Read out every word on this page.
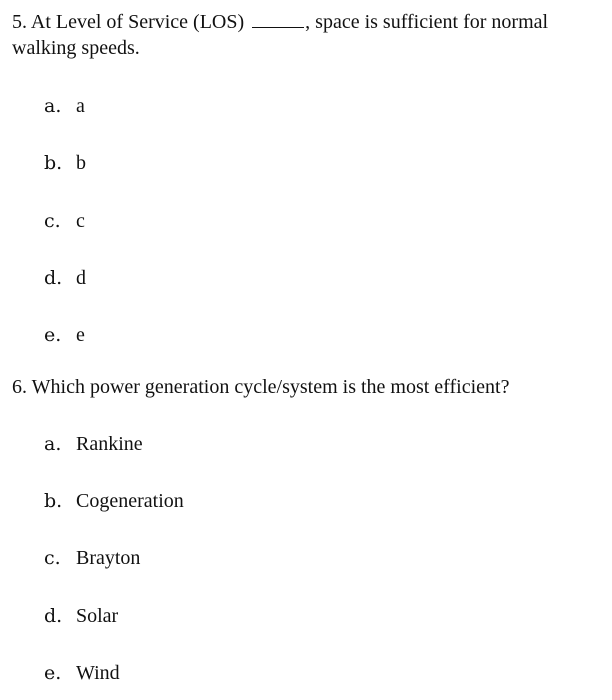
5. At Level of Service (LOS)	, space is sufficient for normal walking speeds.

a. a
b. b
c. c
d. d
e. e

6. Which power generation cycle/system is the most efficient?

a. Rankine
b. Cogeneration
c. Brayton
d. Solar
e. Wind
